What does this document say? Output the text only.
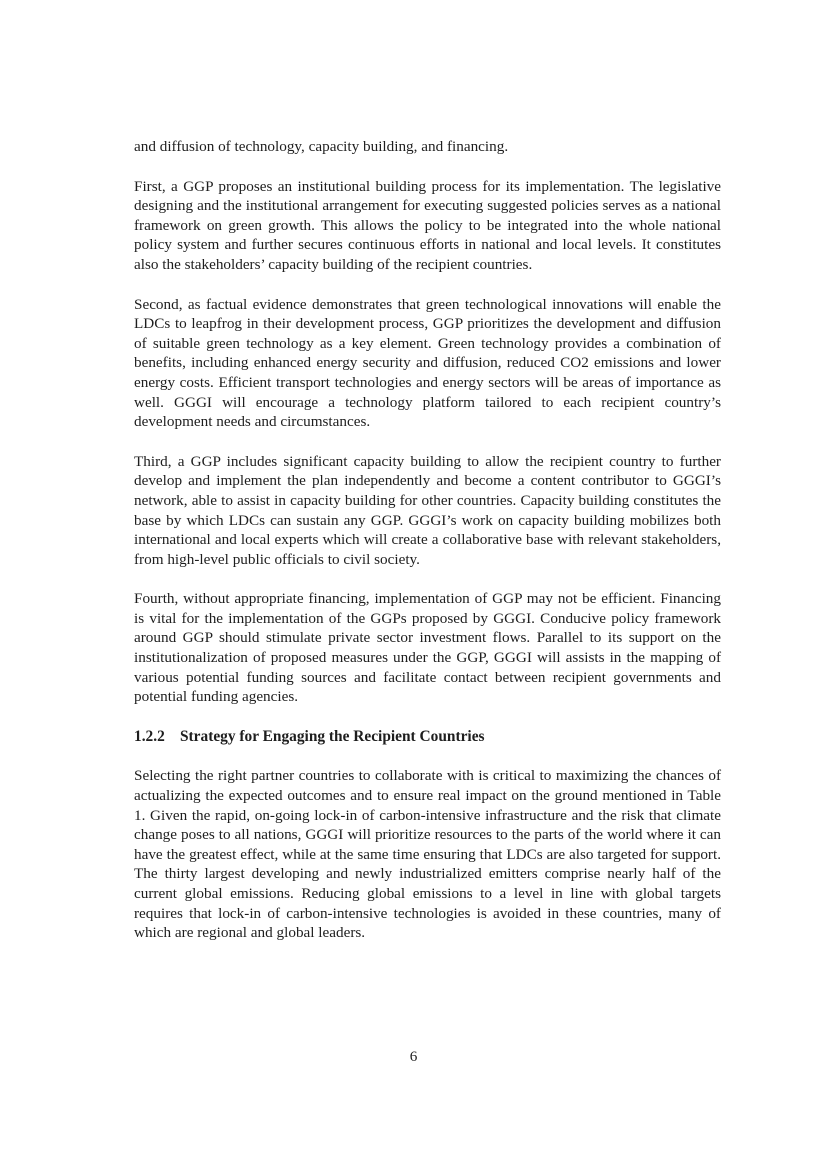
and diffusion of technology, capacity building, and financing.

First, a GGP proposes an institutional building process for its implementation. The legislative designing and the institutional arrangement for executing suggested policies serves as a national framework on green growth. This allows the policy to be integrated into the whole national policy system and further secures continuous efforts in national and local levels. It constitutes also the stakeholders’ capacity building of the recipient countries.

Second, as factual evidence demonstrates that green technological innovations will enable the LDCs to leapfrog in their development process, GGP prioritizes the development and diffusion of suitable green technology as a key element. Green technology provides a combination of benefits, including enhanced energy security and diffusion, reduced CO2 emissions and lower energy costs. Efficient transport technologies and energy sectors will be areas of importance as well. GGGI will encourage a technology platform tailored to each recipient country’s development needs and circumstances.

Third, a GGP includes significant capacity building to allow the recipient country to further develop and implement the plan independently and become a content contributor to GGGI’s network, able to assist in capacity building for other countries. Capacity building constitutes the base by which LDCs can sustain any GGP. GGGI’s work on capacity building mobilizes both international and local experts which will create a collaborative base with relevant stakeholders, from high-level public officials to civil society.

Fourth, without appropriate financing, implementation of GGP may not be efficient. Financing is vital for the implementation of the GGPs proposed by GGGI. Conducive policy framework around GGP should stimulate private sector investment flows. Parallel to its support on the institutionalization of proposed measures under the GGP, GGGI will assists in the mapping of various potential funding sources and facilitate contact between recipient governments and potential funding agencies.

1.2.2 Strategy for Engaging the Recipient Countries

Selecting the right partner countries to collaborate with is critical to maximizing the chances of actualizing the expected outcomes and to ensure real impact on the ground mentioned in Table 1. Given the rapid, on-going lock-in of carbon-intensive infrastructure and the risk that climate change poses to all nations, GGGI will prioritize resources to the parts of the world where it can have the greatest effect, while at the same time ensuring that LDCs are also targeted for support. The thirty largest developing and newly industrialized emitters comprise nearly half of the current global emissions. Reducing global emissions to a level in line with global targets requires that lock-in of carbon-intensive technologies is avoided in these countries, many of which are regional and global leaders.

6
